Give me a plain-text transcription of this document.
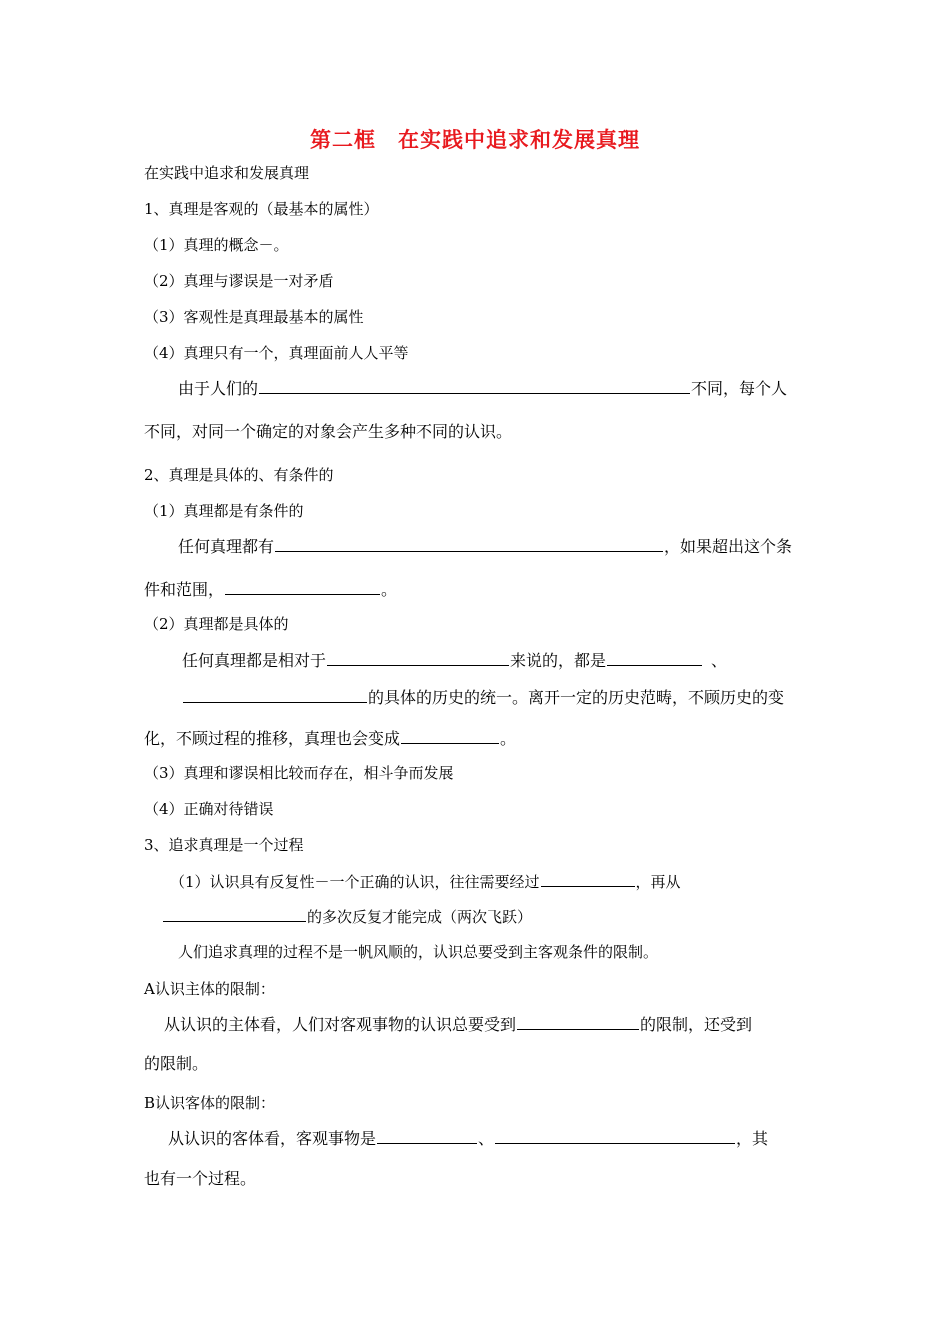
第二框　在实践中追求和发展真理
在实践中追求和发展真理
1、真理是客观的（最基本的属性）
（1）真理的概念－。
（2）真理与谬误是一对矛盾
（3）客观性是真理最基本的属性
（4）真理只有一个，真理面前人人平等
由于人们的	不同，每个人
不同，对同一个确定的对象会产生多种不同的认识。
2、真理是具体的、有条件的
（1）真理都是有条件的
任何真理都有	，如果超出这个条
件和范围，	。
（2）真理都是具体的
任何真理都是相对于	来说的，都是	、
的具体的历史的统一。离开一定的历史范畴，不顾历史的变
化，不顾过程的推移，真理也会变成	。
（3）真理和谬误相比较而存在，相斗争而发展
（4）正确对待错误
3、追求真理是一个过程
（1）认识具有反复性－一个正确的认识，往往需要经过	，再从
的多次反复才能完成（两次飞跃）
人们追求真理的过程不是一帆风顺的，认识总要受到主客观条件的限制。
A认识主体的限制：
从认识的主体看，人们对客观事物的认识总要受到	的限制，还受到
的限制。
B认识客体的限制：
从认识的客体看，客观事物是	、	，其
也有一个过程。
